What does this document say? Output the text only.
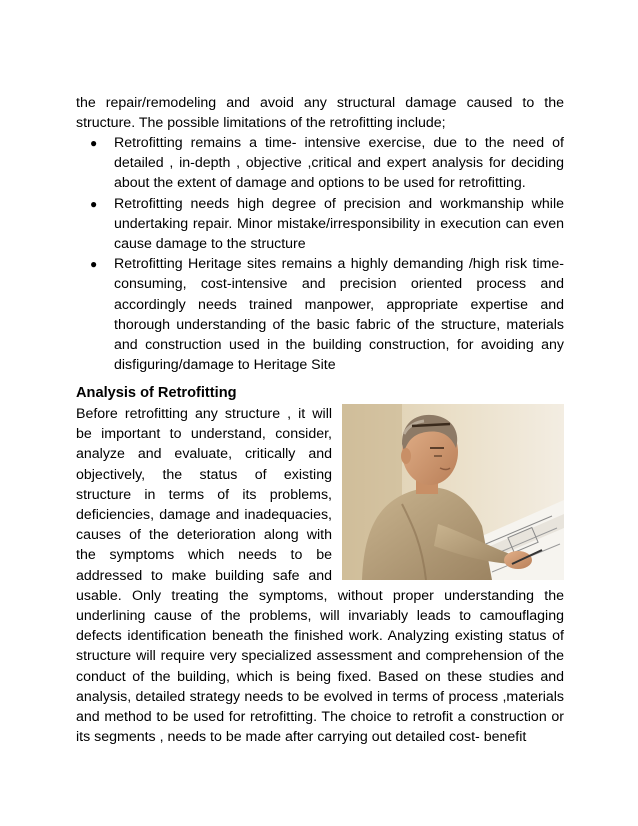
the repair/remodeling and avoid any structural damage caused to the structure. The possible limitations of the retrofitting include;

● Retrofitting remains a time- intensive exercise, due to the need of detailed , in-depth , objective ,critical and expert analysis for deciding about the extent of damage and options to be used for retrofitting.
● Retrofitting needs high degree of precision and workmanship while undertaking repair. Minor mistake/irresponsibility in execution can even cause damage to the structure
● Retrofitting Heritage sites remains a highly demanding /high risk time- consuming, cost-intensive and precision oriented process and accordingly needs trained manpower, appropriate expertise and thorough understanding of the basic fabric of the structure, materials and construction used in the building construction, for avoiding any disfiguring/damage to Heritage Site
Analysis of Retrofitting

Before retrofitting any structure , it will be important to understand, consider, analyze and evaluate, critically and objectively, the status of existing structure in terms of its problems, deficiencies, damage and inadequacies, causes of the deterioration along with the symptoms which needs to be addressed to make building safe and usable. Only treating the symptoms, without proper understanding the underlining cause of the problems, will invariably leads to camouflaging defects identification beneath the finished work. Analyzing existing status of structure will require very specialized assessment and comprehension of the conduct of the building, which is being fixed. Based on these studies and analysis, detailed strategy needs to be evolved in terms of process ,materials and method to be used for retrofitting. The choice to retrofit a construction or its segments , needs to be made after carrying out detailed cost- benefit
